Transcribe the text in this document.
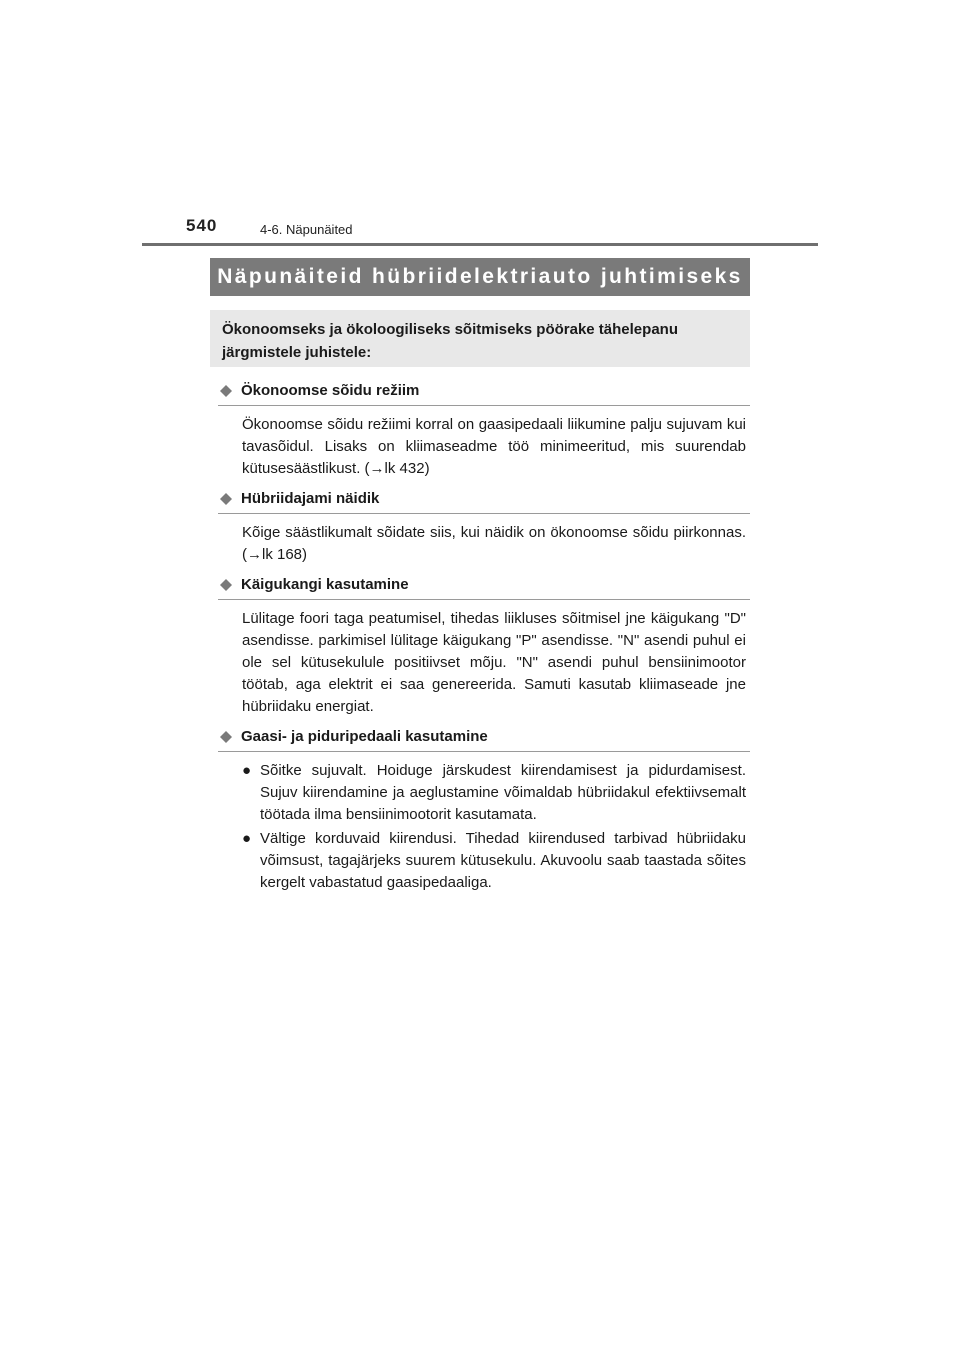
540	4-6. Näpunäited
Näpunäiteid hübriidelektriauto juhtimiseks
Ökonoomseks ja ökoloogiliseks sõitmiseks pöörake tähelepanu järgmistele juhistele:
Ökonoomse sõidu režiim
Ökonoomse sõidu režiimi korral on gaasipedaali liikumine palju sujuvam kui tavasõidul. Lisaks on kliimaseadme töö minimeeritud, mis suurendab kütusesäästlikust. (→lk 432)
Hübriidajami näidik
Kõige säästlikumalt sõidate siis, kui näidik on ökonoomse sõidu piirkonnas. (→lk 168)
Käigukangi kasutamine
Lülitage foori taga peatumisel, tihedas liikluses sõitmisel jne käigukang "D" asendisse. parkimisel lülitage käigukang "P" asendisse. "N" asendi puhul ei ole sel kütusekulule positiivset mõju. "N" asendi puhul bensiinimootor töötab, aga elektrit ei saa genereerida. Samuti kasutab kliimaseade jne hübriidaku energiat.
Gaasi- ja piduripedaali kasutamine
● Sõitke sujuvalt. Hoiduge järskudest kiirendamisest ja pidurdamisest. Sujuv kiirendamine ja aeglustamine võimaldab hübriidakul efektiivsemalt töötada ilma bensiinimootorit kasutamata.
● Vältige korduvaid kiirendusi. Tihedad kiirendused tarbivad hübriidaku võimsust, tagajärjeks suurem kütusekulu. Akuvoolu saab taastada sõites kergelt vabastatud gaasipedaaliga.
